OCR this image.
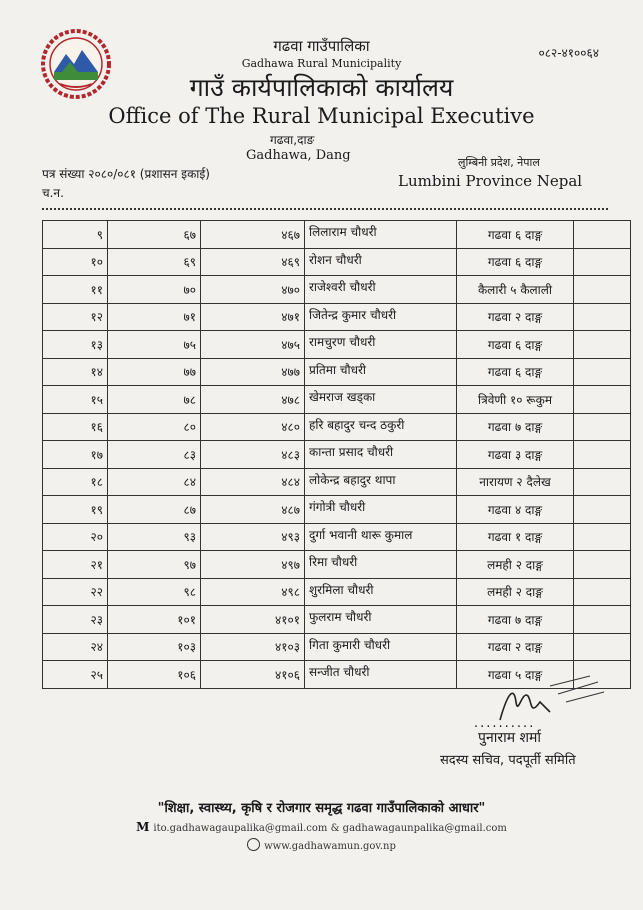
गढवा गाउँपालिका
Gadhawa Rural Municipality
गाउँ कार्यपालिकाको कार्यालय
Office of The Rural Municipal Executive
०८२-४१००६४
गढवा,दाङ
Gadhawa, Dang
पत्र संख्या २०८०/०८१ (प्रशासन इकाई)
च.न.
लुम्बिनी प्रदेश, नेपाल
Lumbini Province Nepal
९	६७	४६७	लिलाराम चौधरी	गढवा ६ दाङ्ग	
१०	६९	४६९	रोशन चौधरी	गढवा ६ दाङ्ग	
११	७०	४७०	राजेश्वरी चौधरी	कैलारी ५ कैलाली	
१२	७१	४७१	जितेन्द्र कुमार चौधरी	गढवा २ दाङ्ग	
१३	७५	४७५	रामचुरण चौधरी	गढवा ६ दाङ्ग	
१४	७७	४७७	प्रतिमा चौधरी	गढवा ६ दाङ्ग	
१५	७८	४७८	खेमराज खड्का	त्रिवेणी १० रूकुम	
१६	८०	४८०	हरि बहादुर चन्द ठकुरी	गढवा ७ दाङ्ग	
१७	८३	४८३	कान्ता प्रसाद चौधरी	गढवा ३ दाङ्ग	
१८	८४	४८४	लोकेन्द्र बहादुर थापा	नारायण २ दैलेख	
१९	८७	४८७	गंगोत्री चौधरी	गढवा ४ दाङ्ग	
२०	९३	४९३	दुर्गा भवानी थारू कुमाल	गढवा १ दाङ्ग	
२१	९७	४९७	रिमा चौधरी	लमही २ दाङ्ग	
२२	९८	४९८	शुरमिला चौधरी	लमही २ दाङ्ग	
२३	१०१	४१०१	फुलराम चौधरी	गढवा ७ दाङ्ग	
२४	१०३	४१०३	गिता कुमारी चौधरी	गढवा २ दाङ्ग	
२५	१०६	४१०६	सन्जीत चौधरी	गढवा ५ दाङ्ग	
..........
पुनाराम शर्मा
सदस्य सचिव, पदपूर्ती समिति
"शिक्षा, स्वास्थ्य, कृषि र रोजगार समृद्ध गढवा गाउँपालिकाको आधार"
M ito.gadhawagaupalika@gmail.com & gadhawagaunpalika@gmail.com
www.gadhawamun.gov.np
